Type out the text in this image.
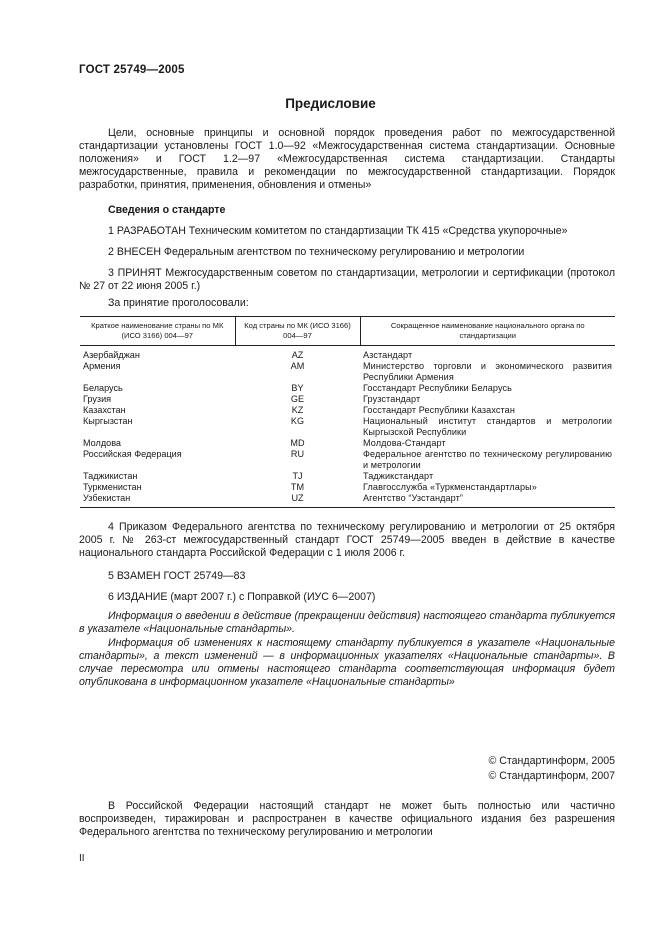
ГОСТ 25749—2005

Предисловие

Цели, основные принципы и основной порядок проведения работ по межгосударственной стандартизации установлены ГОСТ 1.0—92 «Межгосударственная система стандартизации. Основные положения» и ГОСТ 1.2—97 «Межгосударственная система стандартизации. Стандарты межгосударственные, правила и рекомендации по межгосударственной стандартизации. Порядок разработки, принятия, применения, обновления и отмены»

Сведения о стандарте

1 РАЗРАБОТАН Техническим комитетом по стандартизации ТК 415 «Средства укупорочные»

2 ВНЕСЕН Федеральным агентством по техническому регулированию и метрологии

3 ПРИНЯТ Межгосударственным советом по стандартизации, метрологии и сертификации (протокол № 27 от 22 июня 2005 г.)

За принятие проголосовали:

Краткое наименование страны по МК (ИСО 3166) 004—97	Код страны по МК (ИСО 3166) 004—97	Сокращенное наименование национального органа по стандартизации
Азербайджан	AZ	Азстандарт
Армения	AM	Министерство торговли и экономического развития Республики Армения
Беларусь	BY	Госстандарт Республики Беларусь
Грузия	GE	Грузстандарт
Казахстан	KZ	Госстандарт Республики Казахстан
Кыргызстан	KG	Национальный институт стандартов и метрологии Кыргызской Республики
Молдова	MD	Молдова-Стандарт
Российская Федерация	RU	Федеральное агентство по техническому регулированию и метрологии
Таджикистан	TJ	Таджикстандарт
Туркменистан	TM	Главгосслужба «Туркменстандартлары»
Узбекистан	UZ	Агентство “Узстандарт”

4 Приказом Федерального агентства по техническому регулированию и метрологии от 25 октября 2005 г. № 263-ст межгосударственный стандарт ГОСТ 25749—2005 введен в действие в качестве национального стандарта Российской Федерации с 1 июля 2006 г.

5 ВЗАМЕН ГОСТ 25749—83

6 ИЗДАНИЕ (март 2007 г.) с Поправкой (ИУС 6—2007)

Информация о введении в действие (прекращении действия) настоящего стандарта публикуется в указателе «Национальные стандарты».

Информация об изменениях к настоящему стандарту публикуется в указателе «Национальные стандарты», а текст изменений — в информационных указателях «Национальные стандарты». В случае пересмотра или отмены настоящего стандарта соответствующая информация будет опубликована в информационном указателе «Национальные стандарты»

© Стандартинформ, 2005

© Стандартинформ, 2007

В Российской Федерации настоящий стандарт не может быть полностью или частично воспроизведен, тиражирован и распространен в качестве официального издания без разрешения Федерального агентства по техническому регулированию и метрологии

II
